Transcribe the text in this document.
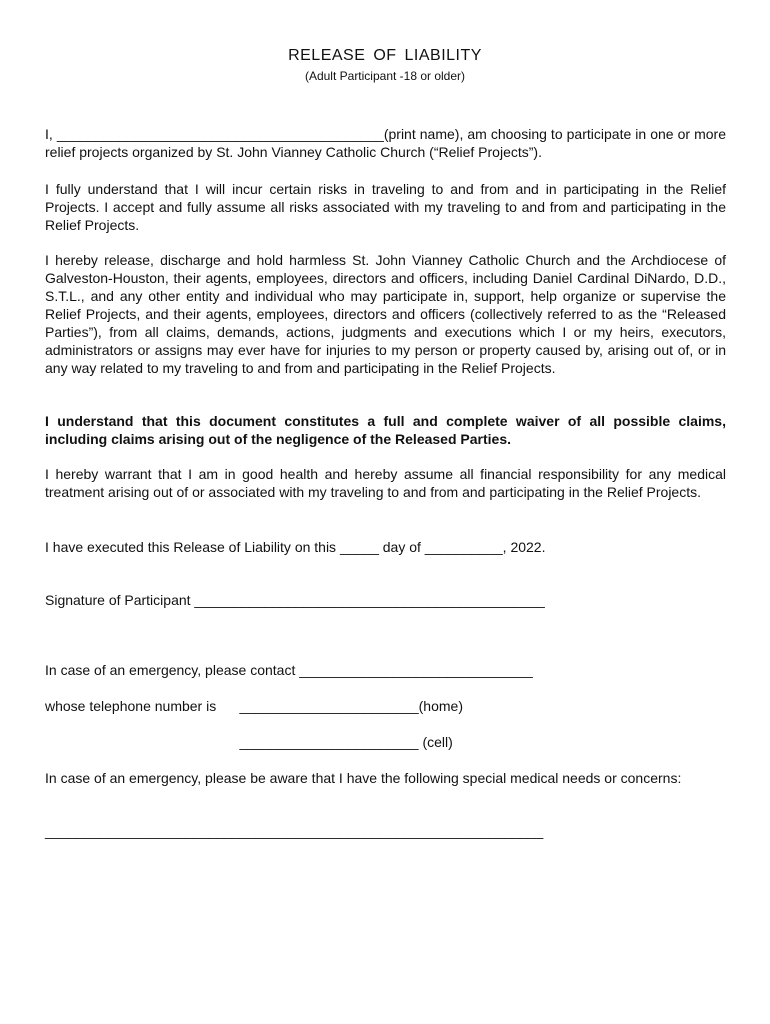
RELEASE OF LIABILITY
(Adult Participant -18 or older)

I, __________________________________________(print name), am choosing to participate in one or more relief projects organized by St. John Vianney Catholic Church (“Relief Projects”).

I fully understand that I will incur certain risks in traveling to and from and in participating in the Relief Projects. I accept and fully assume all risks associated with my traveling to and from and participating in the Relief Projects.

I hereby release, discharge and hold harmless St. John Vianney Catholic Church and the Archdiocese of Galveston-Houston, their agents, employees, directors and officers, including Daniel Cardinal DiNardo, D.D., S.T.L., and any other entity and individual who may participate in, support, help organize or supervise the Relief Projects, and their agents, employees, directors and officers (collectively referred to as the “Released Parties”), from all claims, demands, actions, judgments and executions which I or my heirs, executors, administrators or assigns may ever have for injuries to my person or property caused by, arising out of, or in any way related to my traveling to and from and participating in the Relief Projects.

I understand that this document constitutes a full and complete waiver of all possible claims, including claims arising out of the negligence of the Released Parties.

I hereby warrant that I am in good health and hereby assume all financial responsibility for any medical treatment arising out of or associated with my traveling to and from and participating in the Relief Projects.

I have executed this Release of Liability on this _____ day of __________, 2022.

Signature of Participant _____________________________________________

In case of an emergency, please contact ______________________________

whose telephone number is      _______________________(home)

_______________________ (cell)

In case of an emergency, please be aware that I have the following special medical needs or concerns:

________________________________________________________________
